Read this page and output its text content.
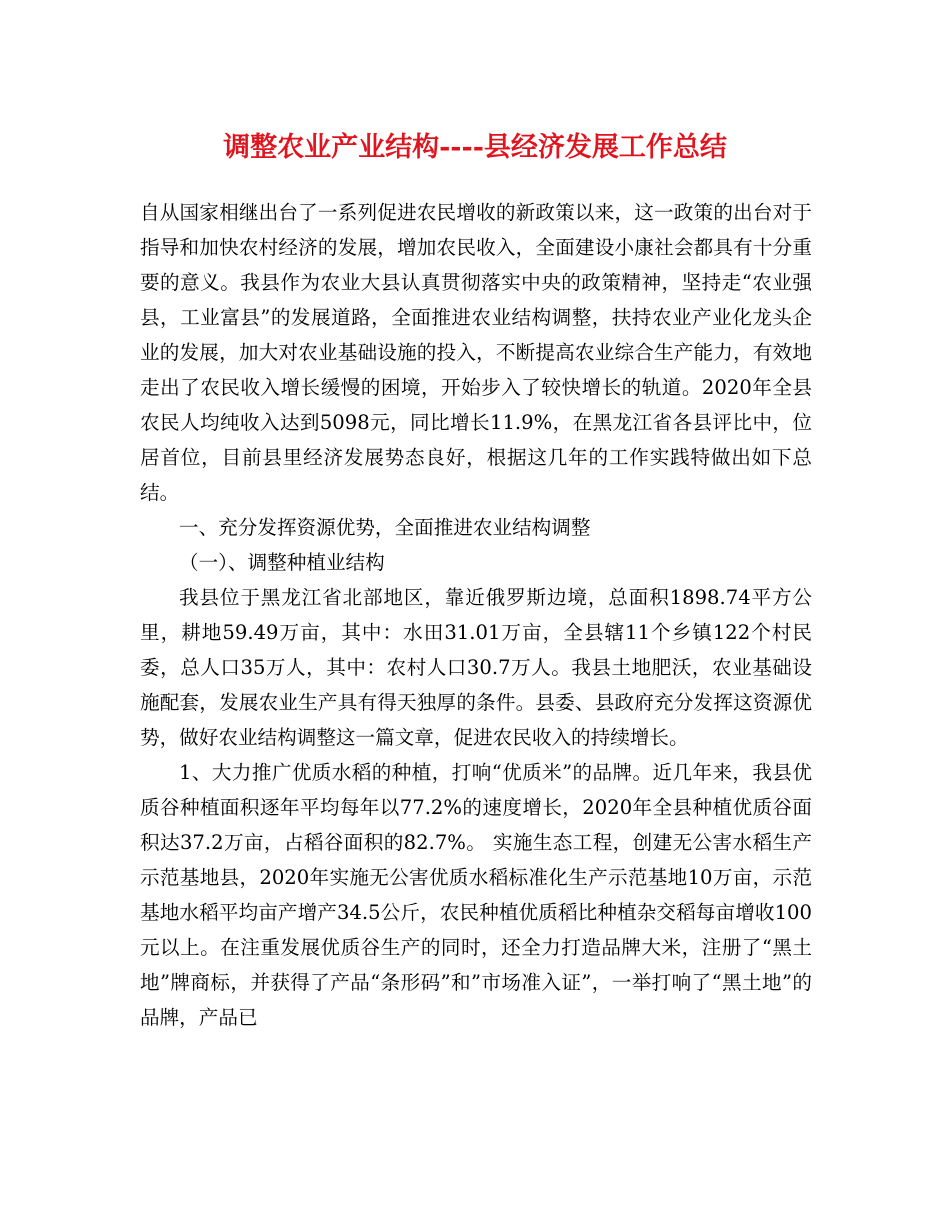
调整农业产业结构----县经济发展工作总结

自从国家相继出台了一系列促进农民增收的新政策以来，这一政策的出台对于指导和加快农村经济的发展，增加农民收入，全面建设小康社会都具有十分重要的意义。我县作为农业大县认真贯彻落实中央的政策精神，坚持走“农业强县，工业富县”的发展道路，全面推进农业结构调整，扶持农业产业化龙头企业的发展，加大对农业基础设施的投入，不断提高农业综合生产能力，有效地走出了农民收入增长缓慢的困境，开始步入了较快增长的轨道。2020年全县农民人均纯收入达到5098元，同比增长11.9%，在黑龙江省各县评比中，位居首位，目前县里经济发展势态良好，根据这几年的工作实践特做出如下总结。

一、充分发挥资源优势，全面推进农业结构调整

（一）、调整种植业结构

我县位于黑龙江省北部地区，靠近俄罗斯边境，总面积1898.74平方公里，耕地59.49万亩，其中：水田31.01万亩，全县辖11个乡镇122个村民委，总人口35万人，其中：农村人口30.7万人。我县土地肥沃，农业基础设施配套，发展农业生产具有得天独厚的条件。县委、县政府充分发挥这资源优势，做好农业结构调整这一篇文章，促进农民收入的持续增长。

1、大力推广优质水稻的种植，打响“优质米”的品牌。近几年来，我县优质谷种植面积逐年平均每年以77.2%的速度增长，2020年全县种植优质谷面积达37.2万亩，占稻谷面积的82.7%。 实施生态工程，创建无公害水稻生产示范基地县，2020年实施无公害优质水稻标准化生产示范基地10万亩，示范基地水稻平均亩产增产34.5公斤，农民种植优质稻比种植杂交稻每亩增收100元以上。在注重发展优质谷生产的同时，还全力打造品牌大米，注册了“黑土地”牌商标，并获得了产品“条形码”和”市场准入证”，一举打响了“黑土地”的品牌，产品已
